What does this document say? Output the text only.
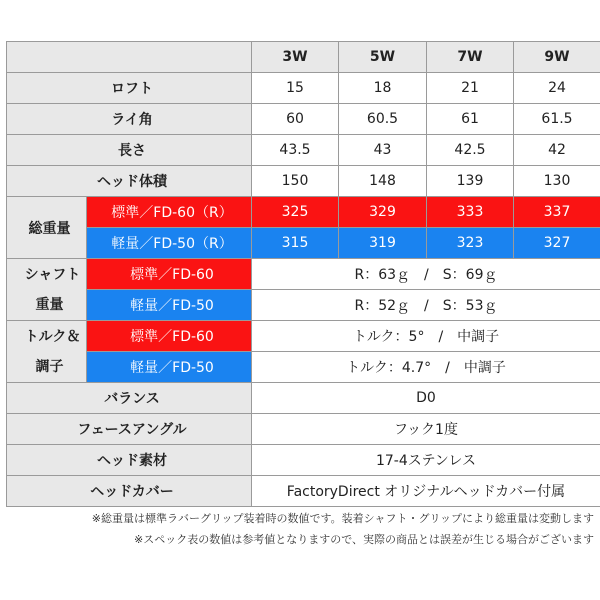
		3W	5W	7W	9W
ロフト		15	18	21	24
ライ角		60	60.5	61	61.5
長さ		43.5	43	42.5	42
ヘッド体積		150	148	139	130
総重量	標準／FD-60（R）	325	329	333	337
	軽量／FD-50（R）	315	319	323	327

シャフト
重量	標準／FD-60	R：63ｇ　/　S：69ｇ			
	軽量／FD-50	R：52ｇ　/　S：53ｇ			

トルク＆
調子	標準／FD-60	トルク：5°　/　中調子			
	軽量／FD-50	トルク：4.7°　/　中調子			
バランス		D0			
フェースアングル		フック1度			
ヘッド素材		17-4ステンレス			
ヘッドカバー		FactoryDirect オリジナルヘッドカバー付属			
※総重量は標準ラバーグリップ装着時の数値です。装着シャフト・グリップにより総重量は変動します
※スペック表の数値は参考値となりますので、実際の商品とは誤差が生じる場合がございます
